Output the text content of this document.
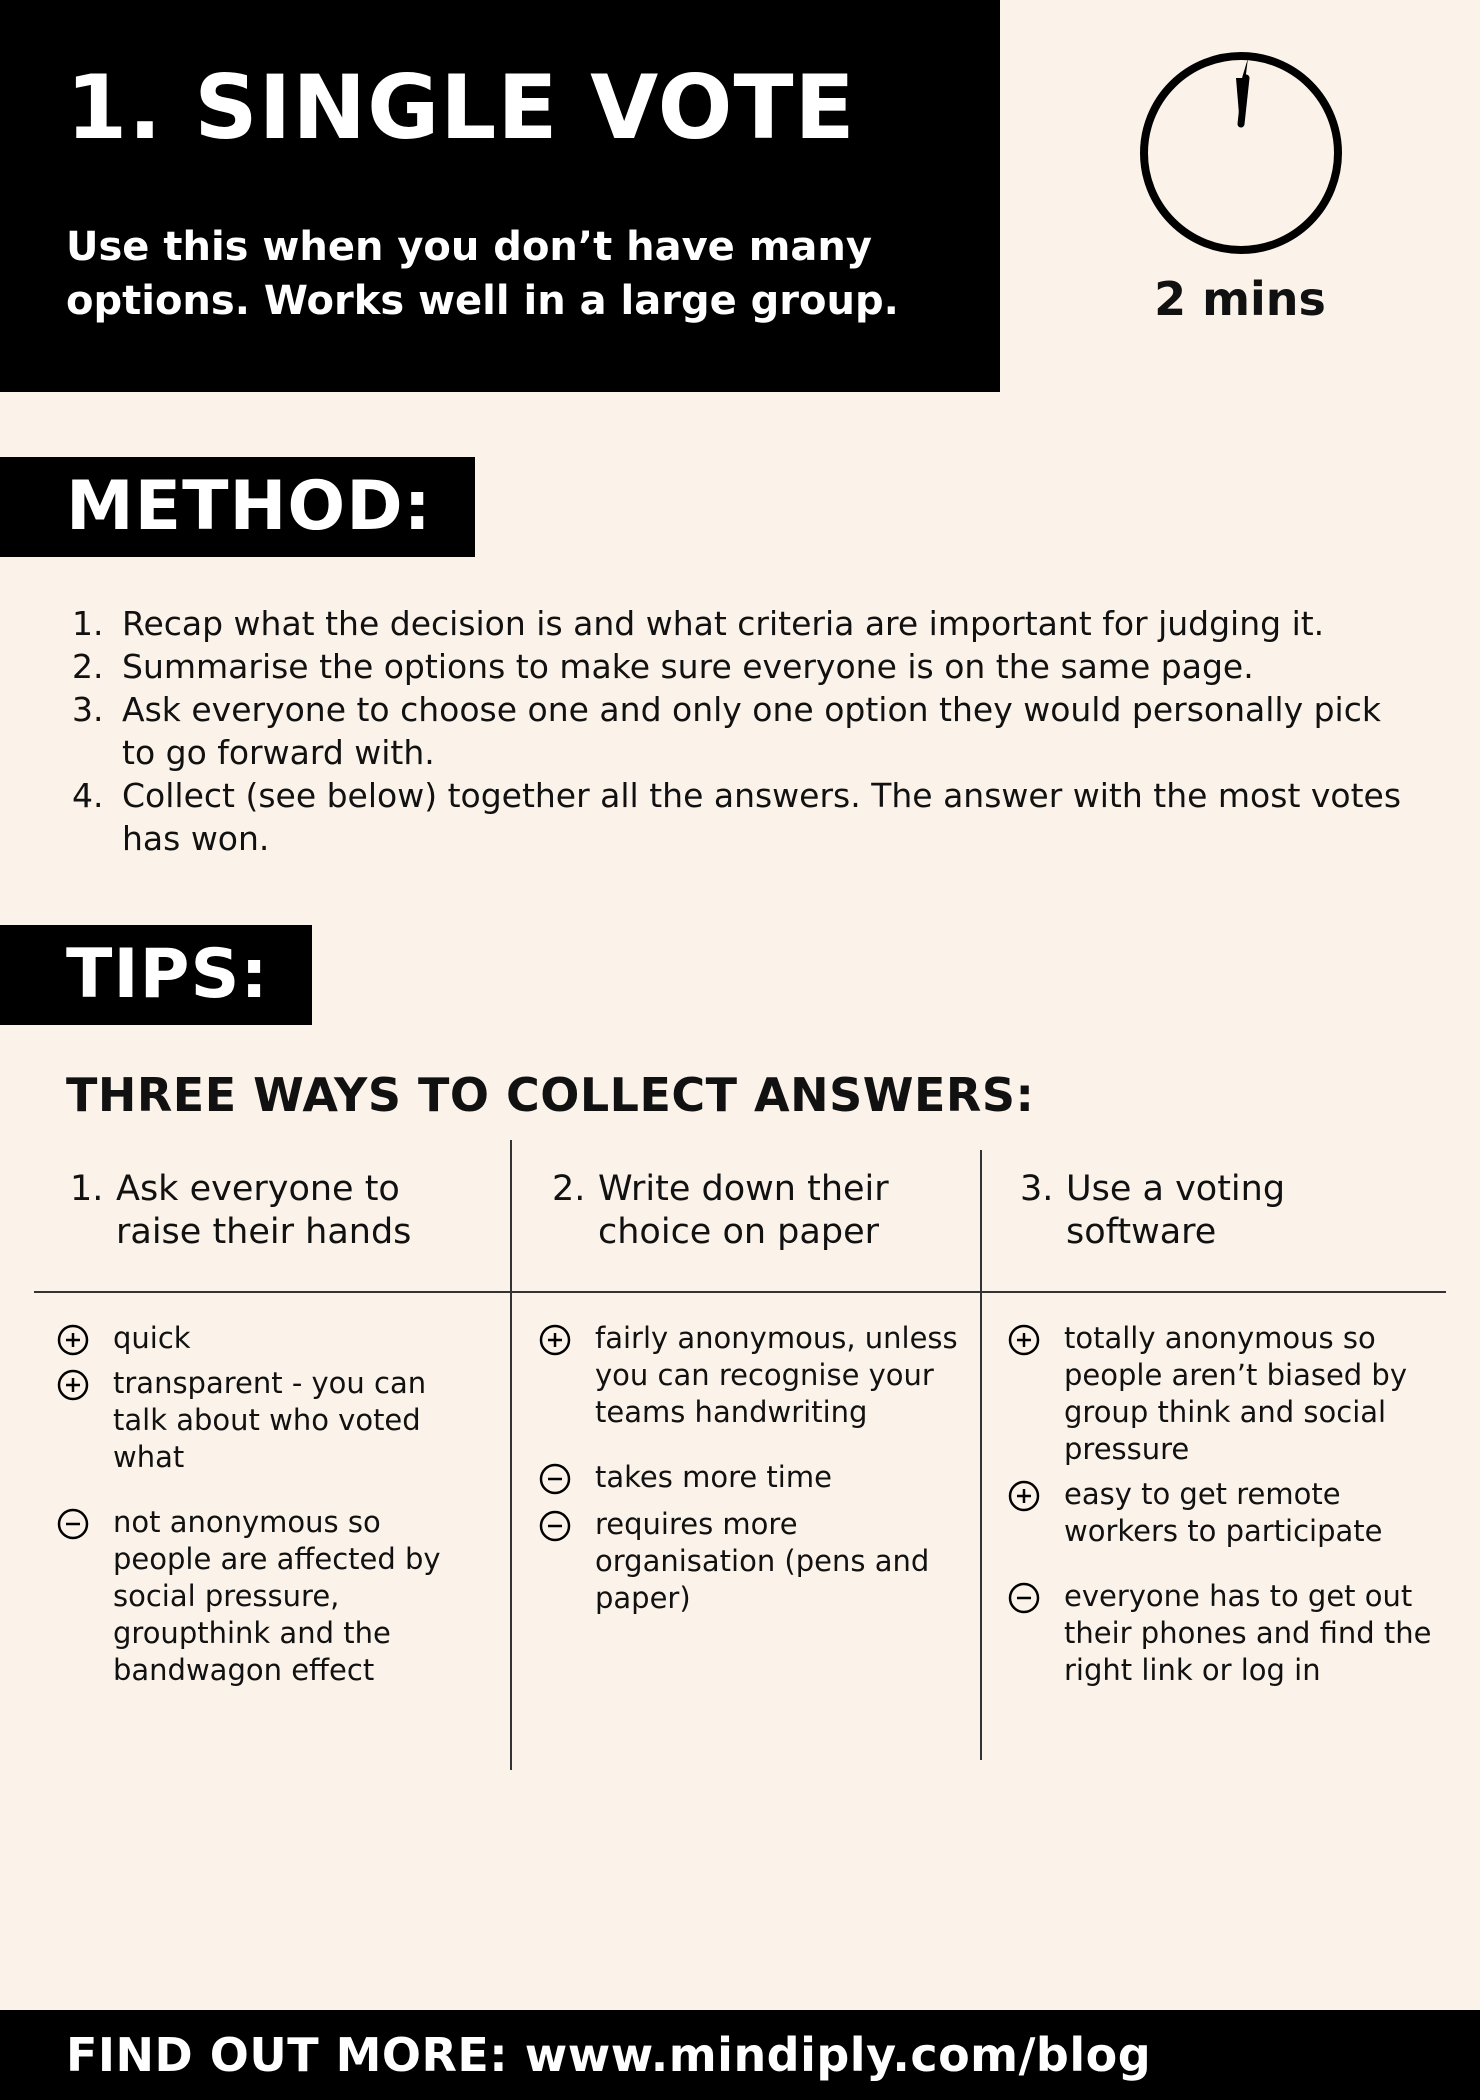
1. SINGLE VOTE

Use this when you don’t have many options. Works well in a large group.	2 mins
METHOD:
1. Recap what the decision is and what criteria are important for judging it.
2. Summarise the options to make sure everyone is on the same page.
3. Ask everyone to choose one and only one option they would personally pick to go forward with.
4. Collect (see below) together all the answers. The answer with the most votes has won.
TIPS:
THREE WAYS TO COLLECT ANSWERS:
1. Ask everyone to raise their hands
2. Write down their choice on paper
3. Use a voting software
quick
transparent - you can talk about who voted what
not anonymous so people are affected by social pressure, groupthink and the bandwagon effect
fairly anonymous, unless you can recognise your teams handwriting
takes more time
requires more organisation (pens and paper)
totally anonymous so people aren’t biased by group think and social pressure
easy to get remote workers to participate
everyone has to get out their phones and find the right link or log in
FIND OUT MORE: www.mindiply.com/blog
